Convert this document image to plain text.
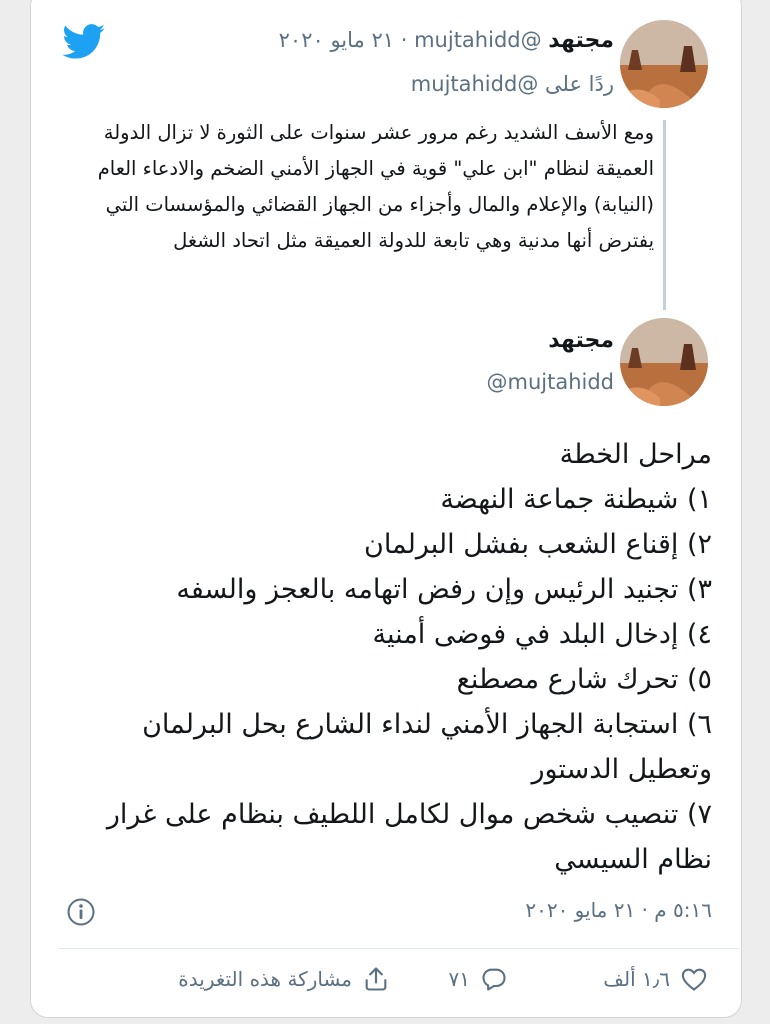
مجتهد @mujtahidd · ٢١ مايو ٢٠٢٠
ردًا على @mujtahidd
ومع الأسف الشديد رغم مرور عشر سنوات على الثورة لا تزال الدولة العميقة لنظام "ابن علي" قوية في الجهاز الأمني الضخم والادعاء العام (النيابة) والإعلام والمال وأجزاء من الجهاز القضائي والمؤسسات التي يفترض أنها مدنية وهي تابعة للدولة العميقة مثل اتحاد الشغل
مجتهد
@mujtahidd
مراحل الخطة
١) شيطنة جماعة النهضة
٢) إقناع الشعب بفشل البرلمان
٣) تجنيد الرئيس وإن رفض اتهامه بالعجز والسفه
٤) إدخال البلد في فوضى أمنية
٥) تحرك شارع مصطنع
٦) استجابة الجهاز الأمني لنداء الشارع بحل البرلمان وتعطيل الدستور
٧) تنصيب شخص موال لكامل اللطيف بنظام على غرار نظام السيسي
٥:١٦ م · ٢١ مايو ٢٠٢٠
١٫٦ ألف
٧١
مشاركة هذه التغريدة
